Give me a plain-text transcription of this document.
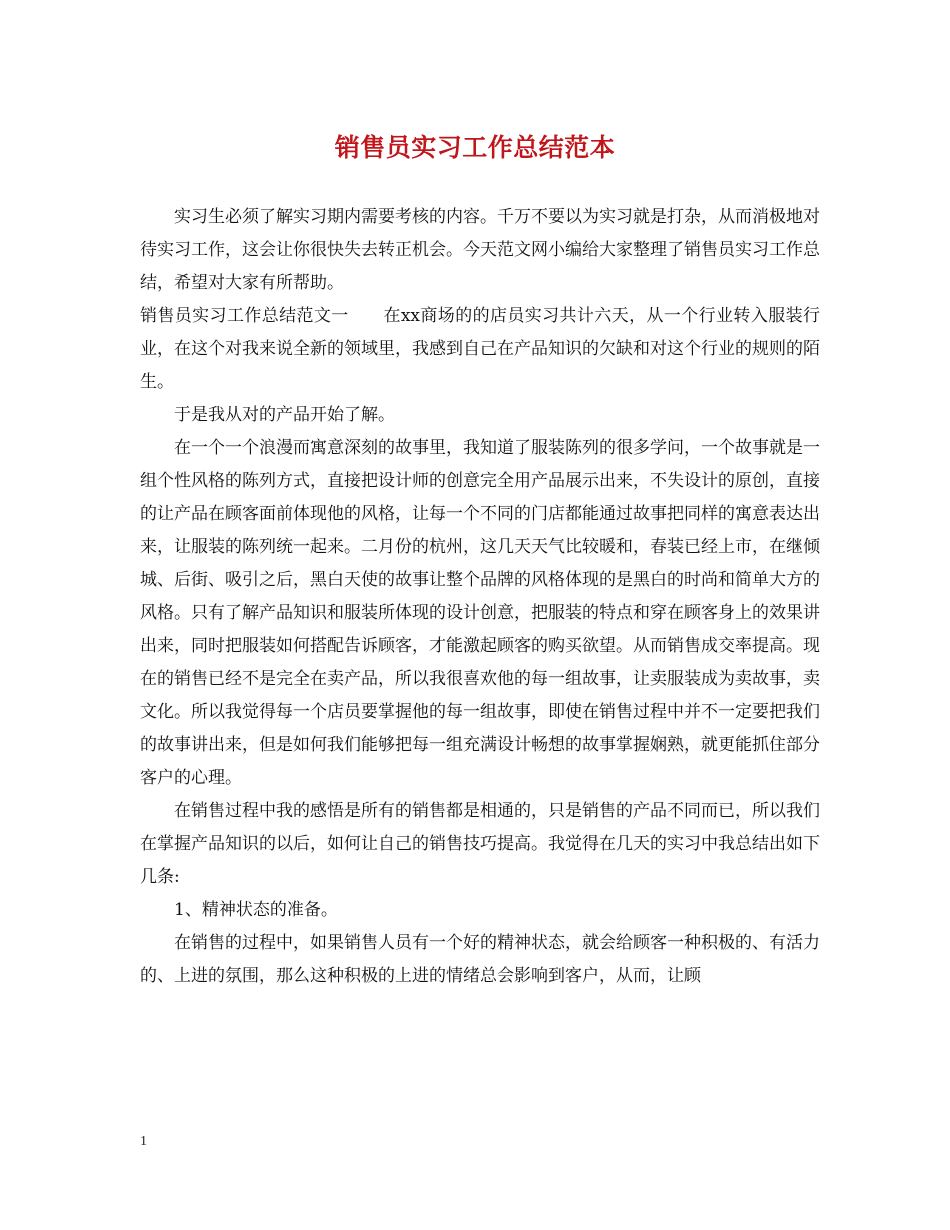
销售员实习工作总结范本

实习生必须了解实习期内需要考核的内容。千万不要以为实习就是打杂，从而消极地对待实习工作，这会让你很快失去转正机会。今天范文网小编给大家整理了销售员实习工作总结，希望对大家有所帮助。

销售员实习工作总结范文一　　在xx商场的的店员实习共计六天，从一个行业转入服装行业，在这个对我来说全新的领域里，我感到自己在产品知识的欠缺和对这个行业的规则的陌生。

于是我从对的产品开始了解。

在一个一个浪漫而寓意深刻的故事里，我知道了服装陈列的很多学问，一个故事就是一组个性风格的陈列方式，直接把设计师的创意完全用产品展示出来，不失设计的原创，直接的让产品在顾客面前体现他的风格，让每一个不同的门店都能通过故事把同样的寓意表达出来，让服装的陈列统一起来。二月份的杭州，这几天天气比较暖和，春装已经上市，在继倾城、后街、吸引之后，黑白天使的故事让整个品牌的风格体现的是黑白的时尚和简单大方的风格。只有了解产品知识和服装所体现的设计创意，把服装的特点和穿在顾客身上的效果讲出来，同时把服装如何搭配告诉顾客，才能激起顾客的购买欲望。从而销售成交率提高。现在的销售已经不是完全在卖产品，所以我很喜欢他的每一组故事，让卖服装成为卖故事，卖文化。所以我觉得每一个店员要掌握他的每一组故事，即使在销售过程中并不一定要把我们的故事讲出来，但是如何我们能够把每一组充满设计畅想的故事掌握娴熟，就更能抓住部分客户的心理。

在销售过程中我的感悟是所有的销售都是相通的，只是销售的产品不同而已，所以我们在掌握产品知识的以后，如何让自己的销售技巧提高。我觉得在几天的实习中我总结出如下几条:

1、精神状态的准备。

在销售的过程中，如果销售人员有一个好的精神状态，就会给顾客一种积极的、有活力的、上进的氛围，那么这种积极的上进的情绪总会影响到客户，从而，让顾

1
